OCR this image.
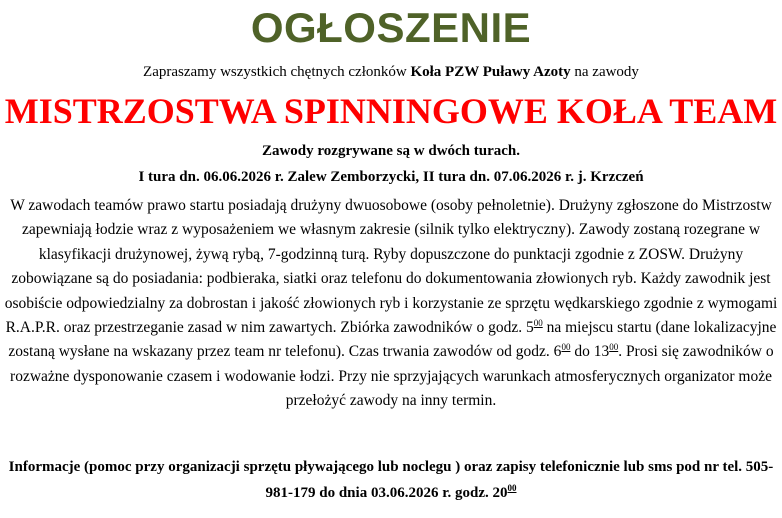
OGŁOSZENIE
Zapraszamy wszystkich chętnych członków Koła PZW Puławy Azoty na zawody
MISTRZOSTWA SPINNINGOWE KOŁA TEAM
Zawody rozgrywane są w dwóch turach.
I tura dn. 06.06.2026 r. Zalew Zemborzycki, II tura dn. 07.06.2026 r. j. Krzczeń
W zawodach teamów prawo startu posiadają drużyny dwuosobowe (osoby pełnoletnie). Drużyny zgłoszone do Mistrzostw zapewniają łodzie wraz z wyposażeniem we własnym zakresie (silnik tylko elektryczny). Zawody zostaną rozegrane w klasyfikacji drużynowej, żywą rybą, 7-godzinną turą. Ryby dopuszczone do punktacji zgodnie z ZOSW. Drużyny zobowiązane są do posiadania: podbieraka, siatki oraz telefonu do dokumentowania złowionych ryb. Każdy zawodnik jest osobiście odpowiedzialny za dobrostan i jakość złowionych ryb i korzystanie ze sprzętu wędkarskiego zgodnie z wymogami R.A.P.R. oraz przestrzeganie zasad w nim zawartych. Zbiórka zawodników o godz. $5^{00}$ na miejscu startu (dane lokalizacyjne zostaną wysłane na wskazany przez team nr telefonu). Czas trwania zawodów od godz. $6^{00}$ do $13^{00}$. Prosi się zawodników o rozważne dysponowanie czasem i wodowanie łodzi. Przy nie sprzyjających warunkach atmosferycznych organizator może przełożyć zawody na inny termin.
Informacje (pomoc przy organizacji sprzętu pływającego lub noclegu ) oraz zapisy telefonicznie lub sms pod nr tel. 505-981-179 do dnia 03.06.2026 r. godz. $20^{00}$
